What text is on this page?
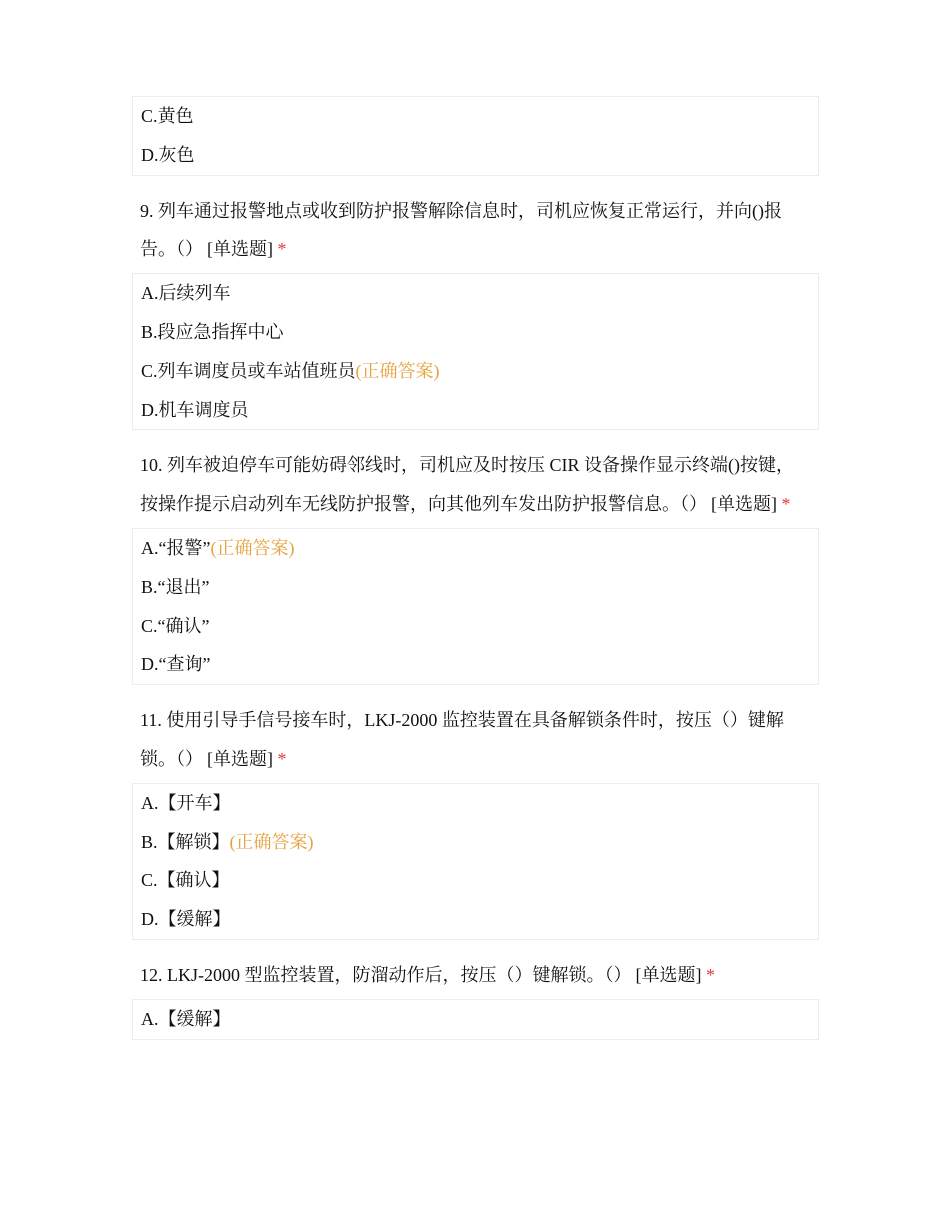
C.黄色
D.灰色
9. 列车通过报警地点或收到防护报警解除信息时，司机应恢复正常运行，并向()报告。（） [单选题] *
A.后续列车
B.段应急指挥中心
C.列车调度员或车站值班员(正确答案)
D.机车调度员
10. 列车被迫停车可能妨碍邻线时，司机应及时按压 CIR 设备操作显示终端()按键，按操作提示启动列车无线防护报警，向其他列车发出防护报警信息。（） [单选题] *
A.“报警”(正确答案)
B.“退出”
C.“确认”
D.“查询”
11. 使用引导手信号接车时，LKJ-2000 监控装置在具备解锁条件时，按压（）键解锁。（） [单选题] *
A.【开车】
B.【解锁】(正确答案)
C.【确认】
D.【缓解】
12. LKJ-2000 型监控装置，防溜动作后，按压（）键解锁。（） [单选题] *
A.【缓解】
